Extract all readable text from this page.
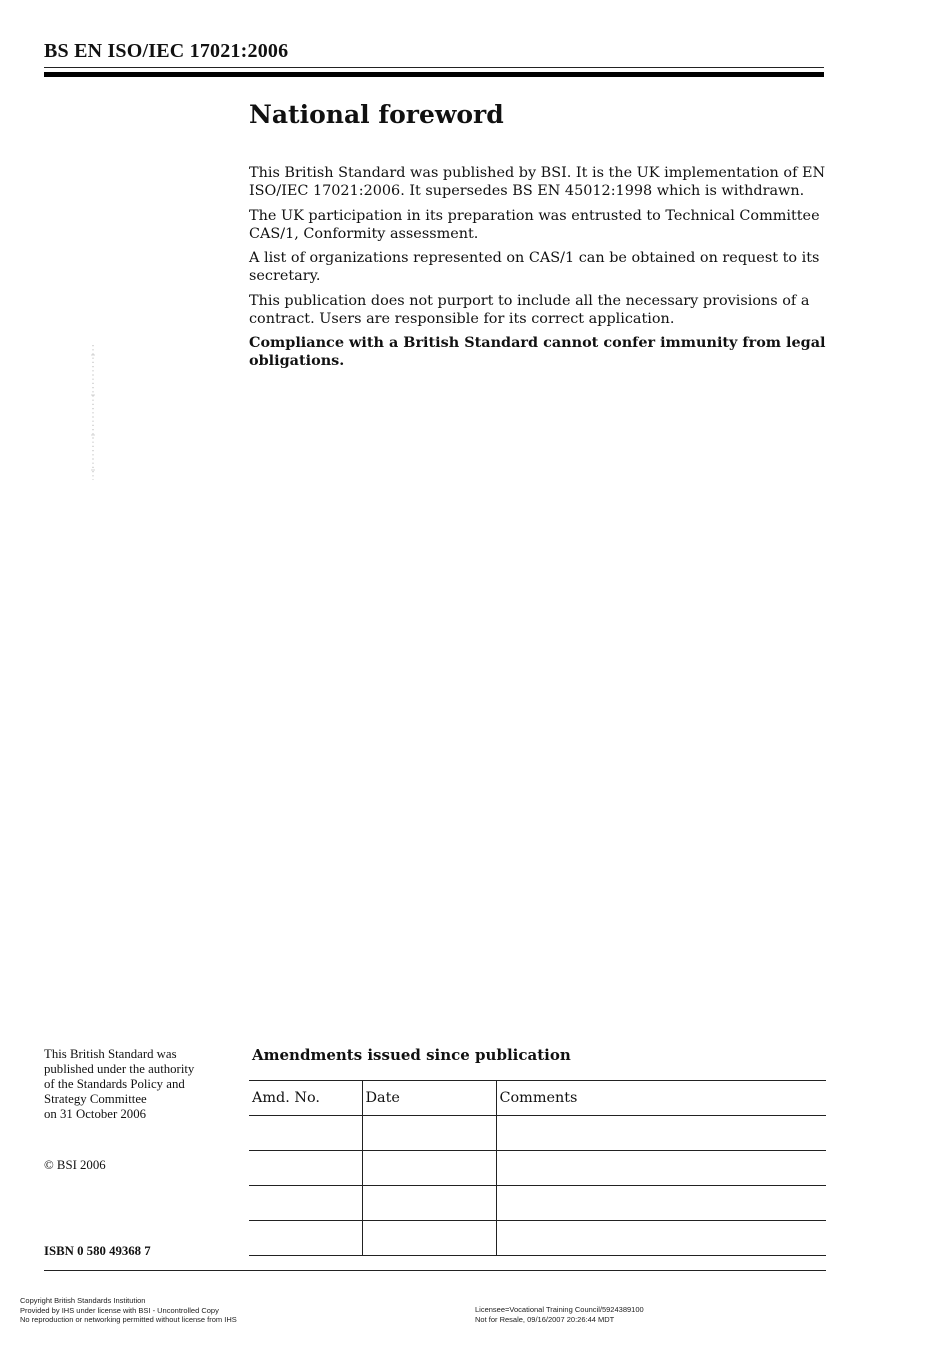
BS EN ISO/IEC 17021:2006
National foreword

This British Standard was published by BSI. It is the UK implementation of EN ISO/IEC 17021:2006. It supersedes BS EN 45012:1998 which is withdrawn.

The UK participation in its preparation was entrusted to Technical Committee CAS/1, Conformity assessment.

A list of organizations represented on CAS/1 can be obtained on request to its secretary.

This publication does not purport to include all the necessary provisions of a contract. Users are responsible for its correct application.

Compliance with a British Standard cannot confer immunity from legal obligations.

This British Standard was
published under the authority
of the Standards Policy and
Strategy Committee
on 31 October 2006
© BSI 2006
ISBN 0 580 49368 7
Amendments issued since publication
Amd. No.	Date	Comments

Copyright British Standards Institution
Provided by IHS under license with BSI - Uncontrolled Copy
No reproduction or networking permitted without license from IHS
Licensee=Vocational Training Council/5924389100
Not for Resale, 09/16/2007 20:26:44 MDT
